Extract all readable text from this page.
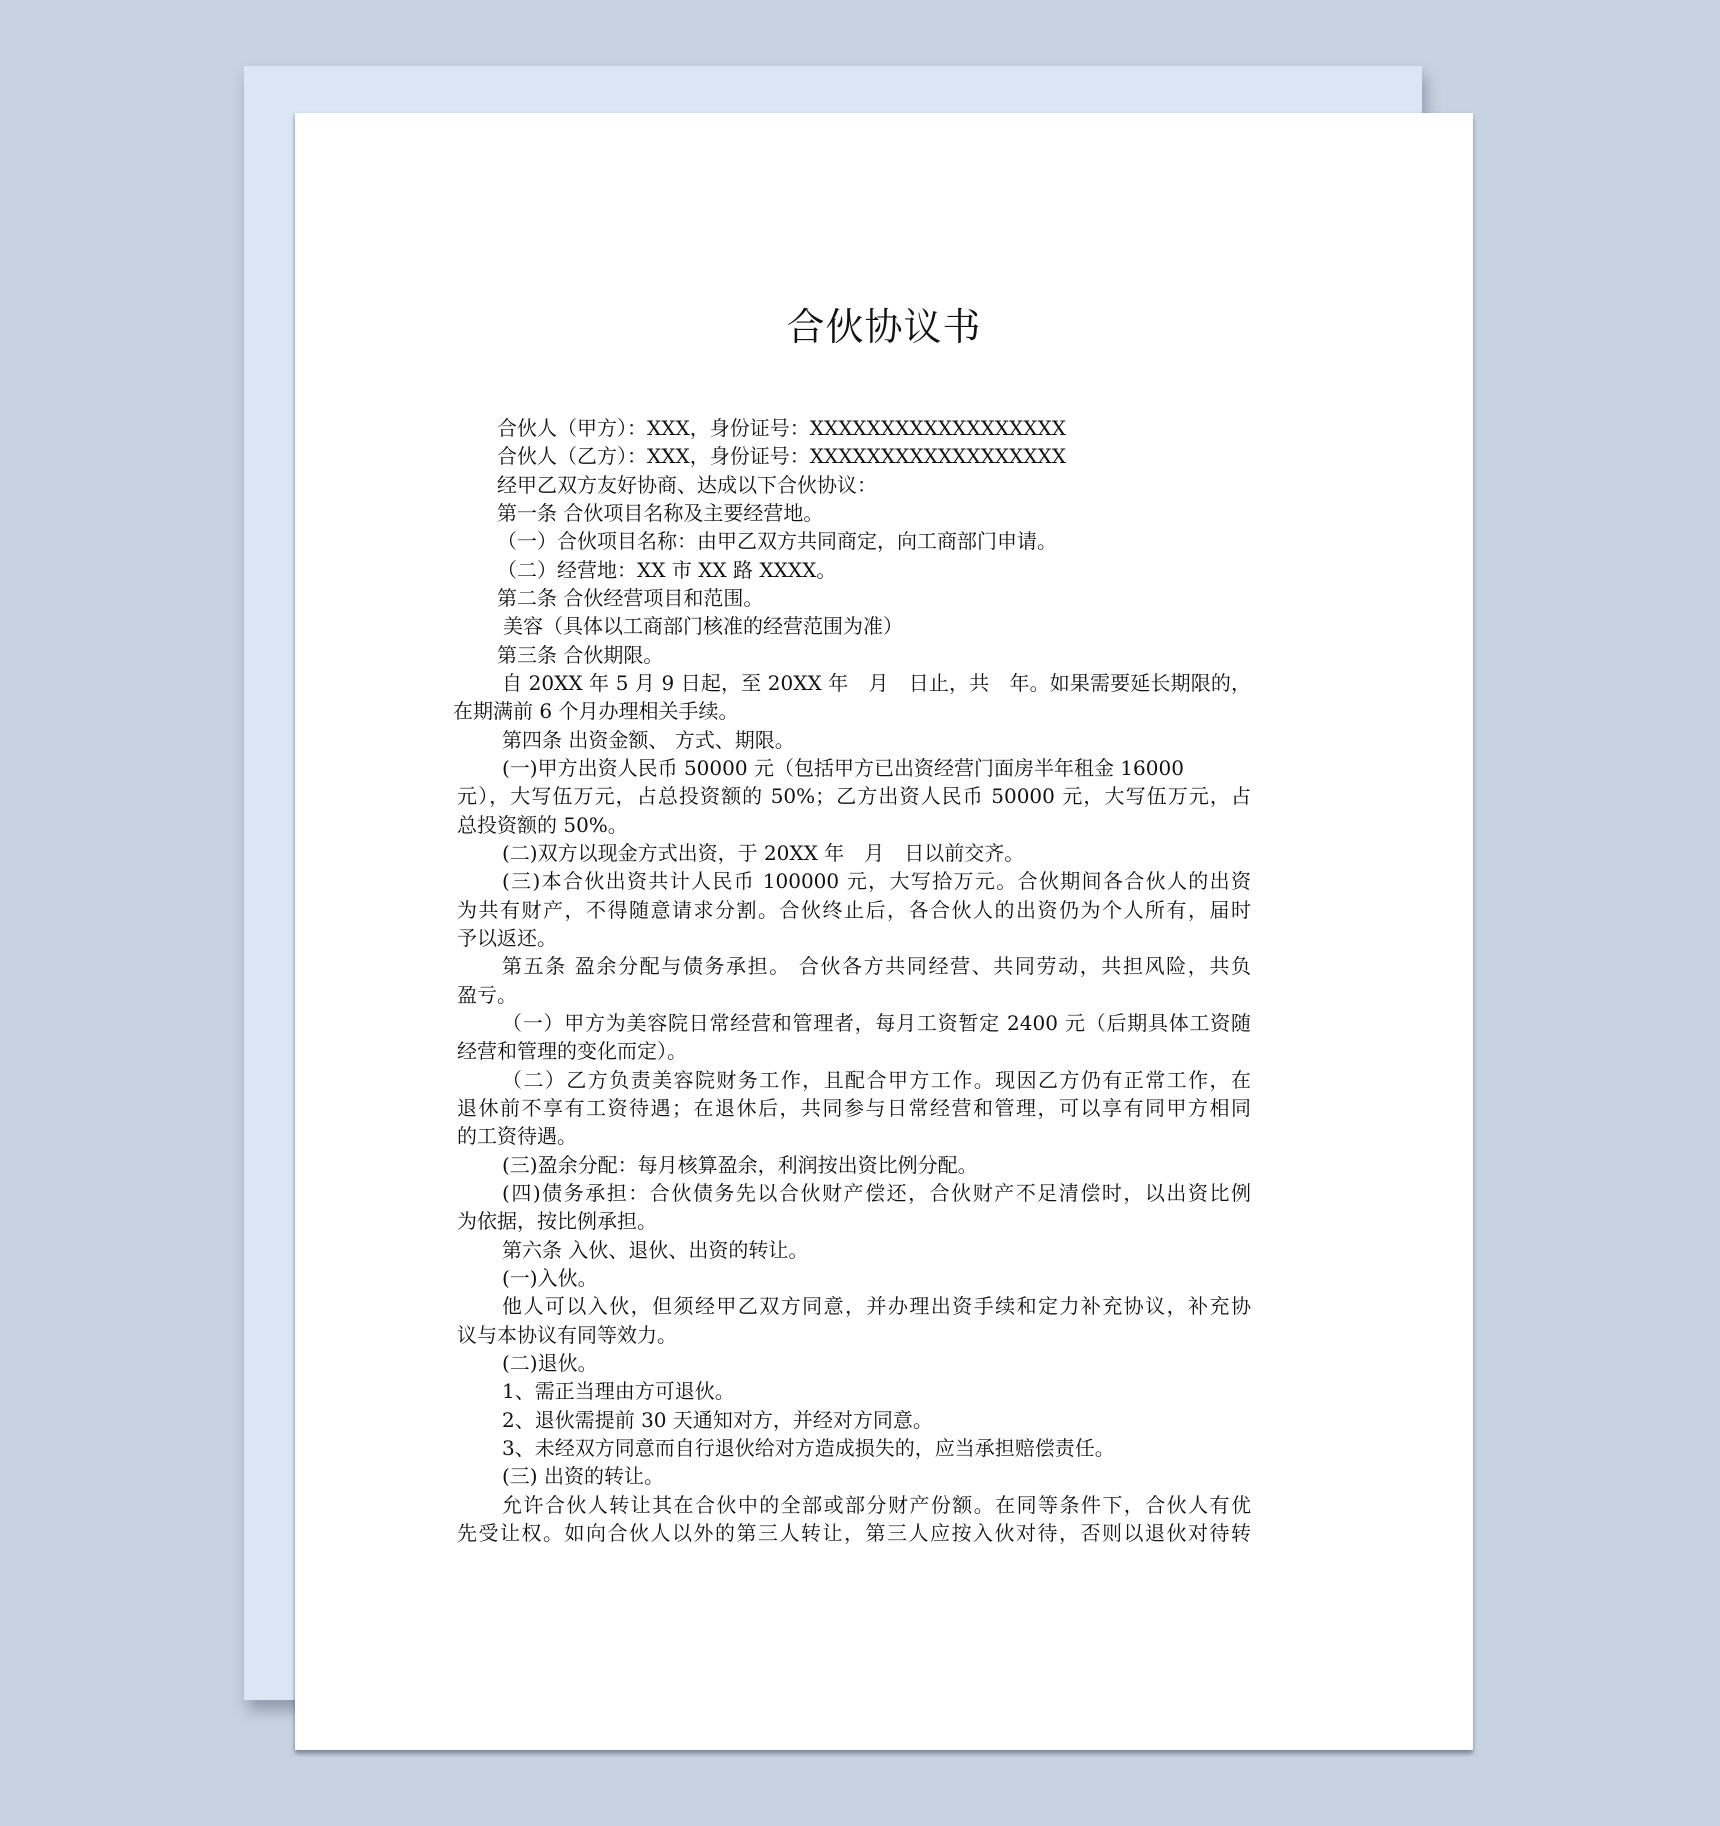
合伙协议书
合伙人（甲方）：XXX，身份证号：XXXXXXXXXXXXXXXXXX
合伙人（乙方）：XXX，身份证号：XXXXXXXXXXXXXXXXXX
经甲乙双方友好协商、达成以下合伙协议：
第一条 合伙项目名称及主要经营地。
（一）合伙项目名称：由甲乙双方共同商定，向工商部门申请。
（二）经营地：XX 市 XX 路 XXXX。
第二条 合伙经营项目和范围。
美容（具体以工商部门核准的经营范围为准）
第三条 合伙期限。
自 20XX 年 5 月 9 日起，至 20XX 年　月　日止，共　年。如果需要延长期限的，
在期满前 6 个月办理相关手续。
第四条 出资金额、 方式、期限。
(一)甲方出资人民币 50000 元（包括甲方已出资经营门面房半年租金 16000
元），大写伍万元，占总投资额的 50%；乙方出资人民币 50000 元，大写伍万元，占
总投资额的 50%。
(二)双方以现金方式出资，于 20XX 年　月　日以前交齐。
(三)本合伙出资共计人民币 100000 元，大写拾万元。合伙期间各合伙人的出资
为共有财产，不得随意请求分割。合伙终止后，各合伙人的出资仍为个人所有，届时
予以返还。
第五条 盈余分配与债务承担。 合伙各方共同经营、共同劳动，共担风险，共负
盈亏。
（一）甲方为美容院日常经营和管理者，每月工资暂定 2400 元（后期具体工资随
经营和管理的变化而定）。
（二）乙方负责美容院财务工作，且配合甲方工作。现因乙方仍有正常工作，在
退休前不享有工资待遇；在退休后，共同参与日常经营和管理，可以享有同甲方相同
的工资待遇。
(三)盈余分配：每月核算盈余，利润按出资比例分配。
(四)债务承担：合伙债务先以合伙财产偿还，合伙财产不足清偿时，以出资比例
为依据，按比例承担。
第六条 入伙、退伙、出资的转让。
(一)入伙。
他人可以入伙，但须经甲乙双方同意，并办理出资手续和定力补充协议，补充协
议与本协议有同等效力。
(二)退伙。
1、需正当理由方可退伙。
2、退伙需提前 30 天通知对方，并经对方同意。
3、未经双方同意而自行退伙给对方造成损失的，应当承担赔偿责任。
(三) 出资的转让。
允许合伙人转让其在合伙中的全部或部分财产份额。在同等条件下，合伙人有优
先受让权。如向合伙人以外的第三人转让，第三人应按入伙对待，否则以退伙对待转
